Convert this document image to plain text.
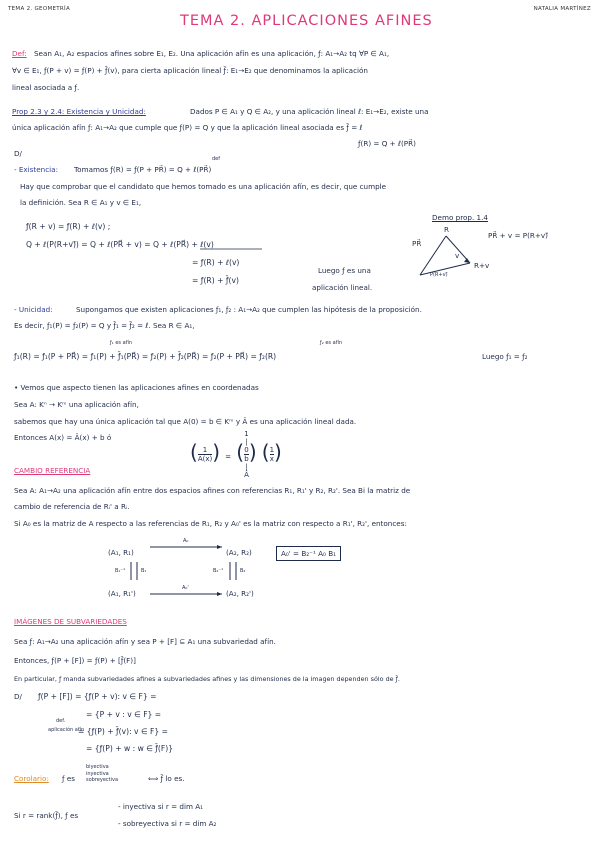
TEMA 2. GEOMETRÍA	NATALIA MARTÍNEZ
TEMA 2. APLICACIONES AFINES
Def: Sean A₁, A₂ espacios afines sobre E₁, E₂. Una aplicación afín es una aplicación, ƒ: A₁→A₂ tq ∀P ∈ A₁,
∀v ∈ E₁, ƒ(P + v) = ƒ(P) + ƒ̄(v), para cierta aplicación lineal ƒ̄: E₁→E₂ que denominamos la aplicación
lineal asociada a ƒ.
Prop 2.3 y 2.4: Existencia y Unicidad:	Dados P ∈ A₁ y Q ∈ A₂, y una aplicación lineal ℓ: E₁→E₂, existe una
única aplicación afín ƒ: A₁→A₂ que cumple que ƒ(P) = Q y que la aplicación lineal asociada es ƒ̄ = ℓ
ƒ(R) = Q + ℓ(PR⃗)
D/
- Existencia: Tomamos ƒ(R) = ƒ(P + PR⃗) = Q + ℓ(PR⃗)
def
Hay que comprobar que el candidato que hemos tomado es una aplicación afín, es decir, que cumple
la definición. Sea R ∈ A₁ y v ∈ E₁,
ƒ(R + v) = ƒ(R) + ℓ(v) ;
Q + ℓ(P(R+v)⃗) = Q + ℓ(PR⃗ + v) = Q + ℓ(PR⃗) + ℓ(v)
= ƒ(R) + ℓ(v)
= ƒ(R) + ƒ̄(v)
Luego ƒ es una
aplicación lineal.
Demo prop. 1.4
PR⃗ + v = P(R+v)⃗
R
PR⃗
v
R+v
P(R+v)⃗
- Unicidad:	Supongamos que existen aplicaciones ƒ₁, ƒ₂ : A₁→A₂ que cumplen las hipótesis de la proposición.
Es decir, ƒ₁(P) = ƒ₂(P) = Q y ƒ̄₁ = ƒ̄₂ = ℓ. Sea R ∈ A₁,
ƒ₁ es afín	ƒ₂ es afín
ƒ₁(R) = ƒ₁(P + PR⃗) = ƒ₁(P) + ƒ̄₁(PR⃗) = ƒ₂(P) + ƒ̄₂(PR⃗) = ƒ₂(P + PR⃗) = ƒ₂(R)	Luego ƒ₁ = ƒ₂
• Vemos que aspecto tienen las aplicaciones afines en coordenadas
Sea A: Kⁿ → Kᵐ una aplicación afín,
sabemos que hay una única aplicación tal que A(0) = b ∈ Kᵐ y Â es una aplicación lineal dada.
Entonces A(x) = Â(x) + b ó
( $\frac{1}{A(x)}$ ) = ( 1
|
0
b
|
Â ) ( $\frac{1}{x}$ )
CAMBIO REFERENCIA
Sea A: A₁→A₂ una aplicación afín entre dos espacios afines con referencias R₁, R₁' y R₂, R₂'. Sea Bi la matriz de
cambio de referencia de Rᵢ' a Rᵢ.
Si A₀ es la matriz de A respecto a las referencias de R₁, R₂ y A₀' es la matriz con respecto a R₁', R₂', entonces:
(A₁, R₁)	(A₂, R₂)
(A₁, R₁')	(A₂, R₂')
A₀
A₀'
B₁⁻¹	B₁	B₂⁻¹	B₂
A₀' = B₂⁻¹ A₀ B₁
IMÁGENES DE SUBVARIEDADES
Sea ƒ: A₁→A₂ una aplicación afín y sea P + [F] ⊆ A₁ una subvariedad afín.
Entonces, ƒ(P + [F]) = ƒ(P) + [ƒ̄(F)]
En particular, ƒ manda subvariedades afines a subvariedades afines y las dimensiones de la imagen dependen sólo de ƒ̄.
D/ ƒ(P + [F]) = {ƒ(P + v): v ∈ F} =
= {P + v : v ∈ F} =
= {ƒ(P) + ƒ̄(v): v ∈ F} =
= {ƒ(P) + w : w ∈ ƒ̄(F)}
def.
aplicación afín
Corolario: ƒ es
biyectiva
inyectiva
sobreyectiva	⟺ ƒ̄ lo es.
Si r = rank(ƒ̄), ƒ es
- inyectiva si r = dim A₁
- sobreyectiva si r = dim A₂
